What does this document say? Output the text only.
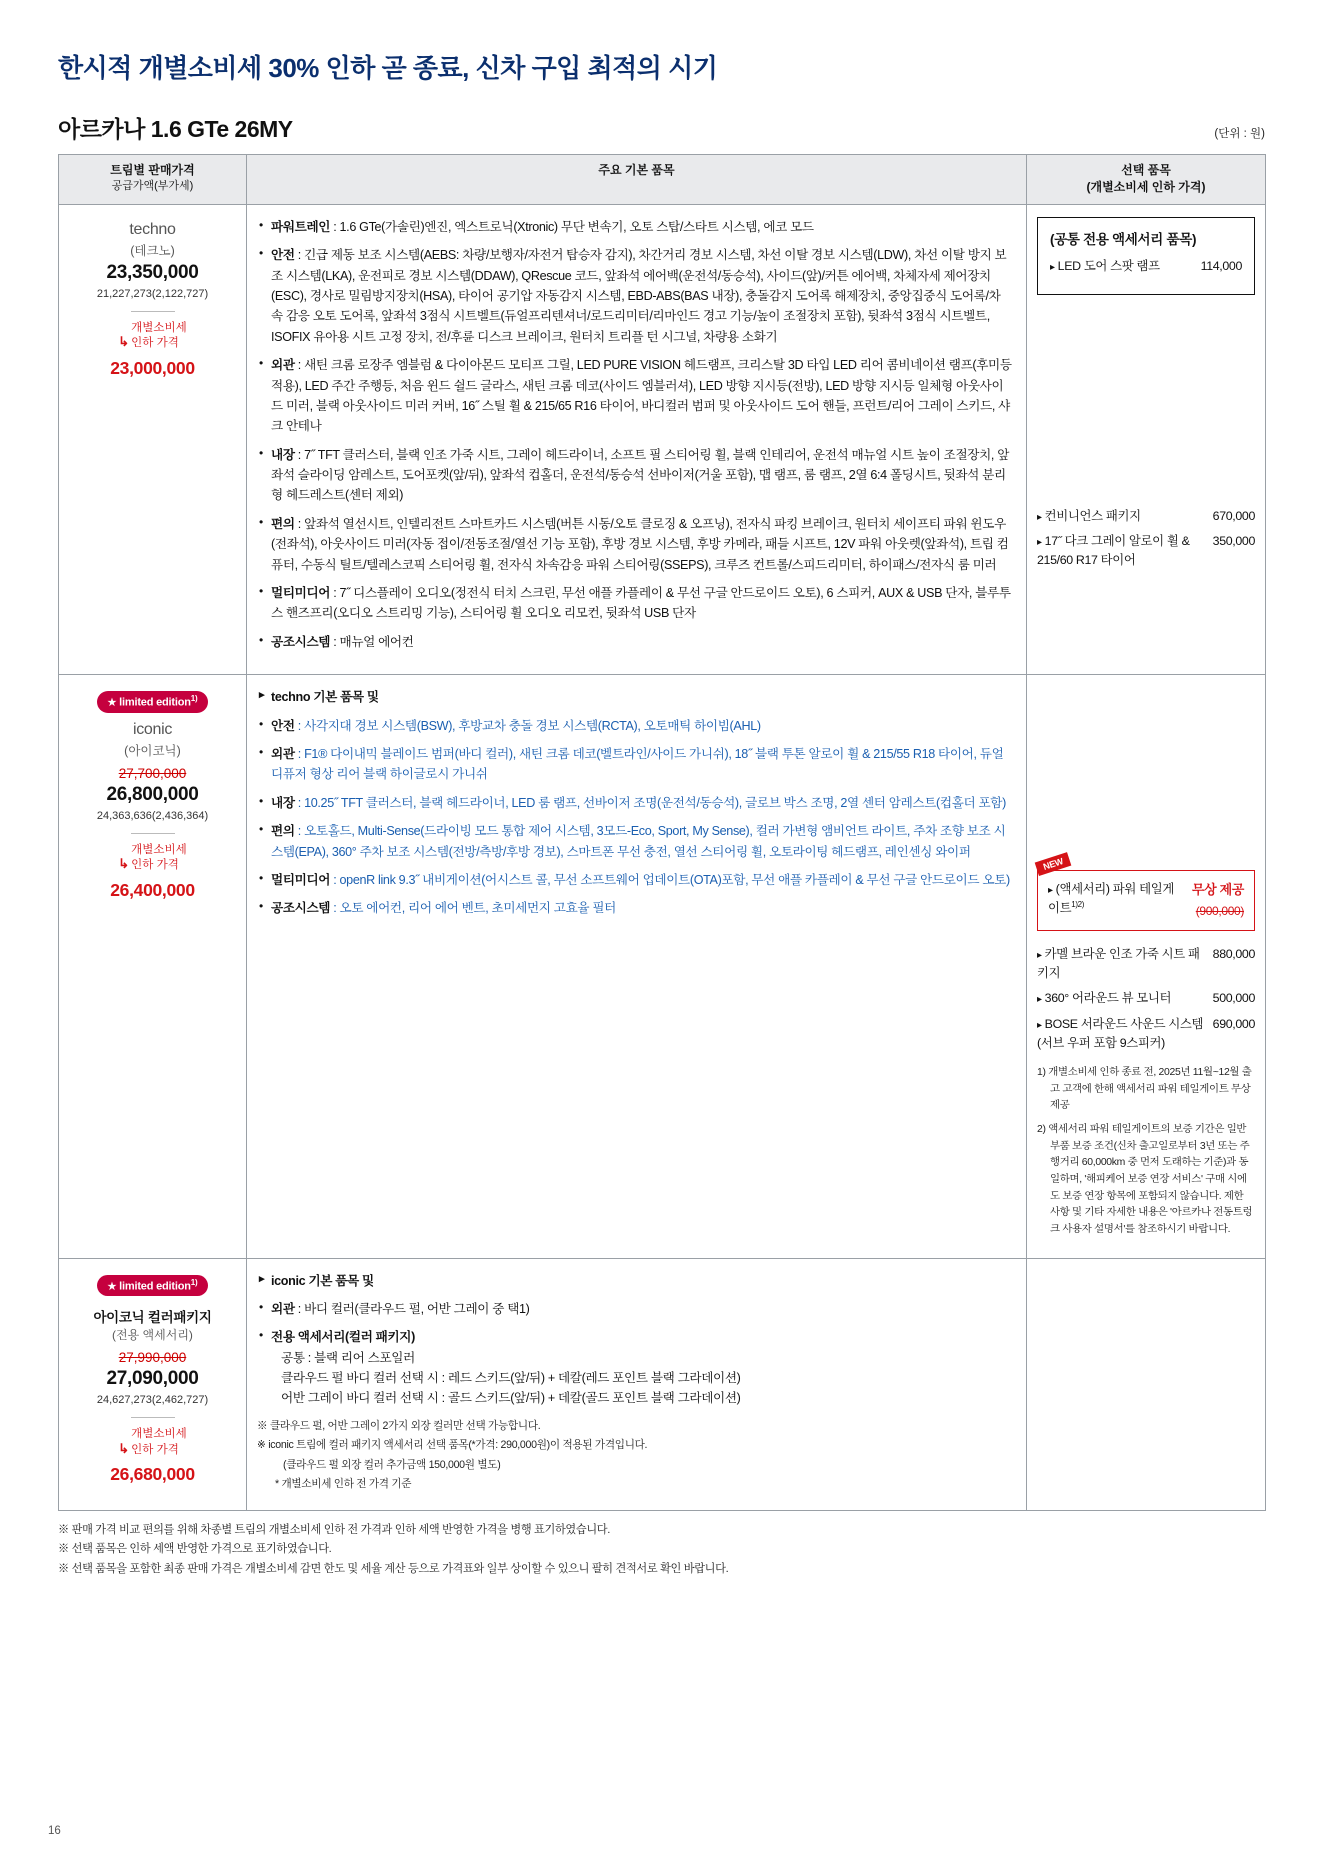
한시적 개별소비세 30% 인하 곧 종료, 신차 구입 최적의 시기
아르카나 1.6 GTe 26MY	(단위 : 원)
트림별 판매가격
공급가액(부가세)
	주요 기본 품목	선택 품목
(개별소비세 인하 가격)

techno
(테크노)
23,350,000
21,227,273(2,122,727)
↳개별소비세
인하 가격
23,000,000

• 파워트레인 : 1.6 GTe(가솔린)엔진, 엑스트로닉(Xtronic) 무단 변속기, 오토 스탑/스타트 시스템, 에코 모드
• 안전 : 긴급 제동 보조 시스템(AEBS: 차량/보행자/자전거 탑승자 감지), 차간거리 경보 시스템, 차선 이탈 경보 시스템(LDW), 차선 이탈 방지 보조 시스템(LKA), 운전피로 경보 시스템(DDAW), QRescue 코드, 앞좌석 에어백(운전석/동승석), 사이드(앞)/커튼 에어백, 차체자세 제어장치(ESC), 경사로 밀림방지장치(HSA), 타이어 공기압 자동감지 시스템, EBD-ABS(BAS 내장), 충돌감지 도어록 해제장치, 중앙집중식 도어록/차속 감응 오토 도어록, 앞좌석 3점식 시트벨트(듀얼프리텐셔너/로드리미터/리마인드 경고 기능/높이 조절장치 포함), 뒷좌석 3점식 시트벨트, ISOFIX 유아용 시트 고정 장치, 전/후륜 디스크 브레이크, 원터치 트리플 턴 시그널, 차량용 소화기
• 외관 : 새틴 크롬 로장주 엠블럼 & 다이아몬드 모티프 그릴, LED PURE VISION 헤드램프, 크리스탈 3D 타입 LED 리어 콤비네이션 램프(후미등 적용), LED 주간 주행등, 처음 윈드 쉴드 글라스, 새틴 크롬 데코(사이드 엠블러셔), LED 방향 지시등(전방), LED 방향 지시등 일체형 아웃사이드 미러, 블랙 아웃사이드 미러 커버, 16˝ 스틸 휠 & 215/65 R16 타이어, 바디컬러 범퍼 및 아웃사이드 도어 핸들, 프런트/리어 그레이 스키드, 샤크 안테나
• 내장 : 7˝ TFT 클러스터, 블랙 인조 가죽 시트, 그레이 헤드라이너, 소프트 필 스티어링 휠, 블랙 인테리어, 운전석 매뉴얼 시트 높이 조절장치, 앞좌석 슬라이딩 암레스트, 도어포켓(앞/뒤), 앞좌석 컵홀더, 운전석/동승석 선바이저(거울 포함), 맵 램프, 룸 램프, 2열 6:4 폴딩시트, 뒷좌석 분리형 헤드레스트(센터 제외)
• 편의 : 앞좌석 열선시트, 인텔리전트 스마트카드 시스템(버튼 시동/오토 클로징 & 오프닝), 전자식 파킹 브레이크, 원터치 세이프티 파워 윈도우(전좌석), 아웃사이드 미러(자동 접이/전동조절/열선 기능 포함), 후방 경보 시스템, 후방 카메라, 패들 시프트, 12V 파워 아웃렛(앞좌석), 트립 컴퓨터, 수동식 틸트/텔레스코픽 스티어링 휠, 전자식 차속감응 파워 스티어링(SSEPS), 크루즈 컨트롤/스피드리미터, 하이패스/전자식 룸 미러
• 멀티미디어 : 7˝ 디스플레이 오디오(정전식 터치 스크린, 무선 애플 카플레이 & 무선 구글 안드로이드 오토), 6 스피커, AUX & USB 단자, 블루투스 핸즈프리(오디오 스트리밍 기능), 스티어링 휠 오디오 리모컨, 뒷좌석 USB 단자
• 공조시스템 : 매뉴얼 에어컨

(공통 전용 액세서리 품목)
▸ LED 도어 스팟 램프	114,000
▸ 컨비니언스 패키지	670,000
▸ 17˝ 다크 그레이 알로이 휠 & 215/60 R17 타이어
350,000

★ limited edition$^{1)}$
iconic
(아이코닉)
27,700,000
26,800,000
24,363,636(2,436,364)
↳개별소비세
인하 가격
26,400,000

▸ techno 기본 품목 및
• 안전 : 사각지대 경보 시스템(BSW), 후방교차 충돌 경보 시스템(RCTA), 오토매틱 하이빔(AHL)
• 외관 : F1® 다이내믹 블레이드 범퍼(바디 컬러), 새틴 크롬 데코(벨트라인/사이드 가니쉬), 18˝ 블랙 투톤 알로이 휠 & 215/55 R18 타이어, 듀얼 디퓨저 형상 리어 블랙 하이글로시 가니쉬
• 내장 : 10.25˝ TFT 클러스터, 블랙 헤드라이너, LED 룸 램프, 선바이저 조명(운전석/동승석), 글로브 박스 조명, 2열 센터 암레스트(컵홀더 포함)
• 편의 : 오토홀드, Multi-Sense(드라이빙 모드 통합 제어 시스템, 3모드-Eco, Sport, My Sense), 컬러 가변형 앰비언트 라이트, 주차 조향 보조 시스템(EPA), 360° 주차 보조 시스템(전방/측방/후방 경보), 스마트폰 무선 충전, 열선 스티어링 휠, 오토라이팅 헤드램프, 레인센싱 와이퍼
• 멀티미디어 : openR link 9.3˝ 내비게이션(어시스트 콜, 무선 소프트웨어 업데이트(OTA)포함, 무선 애플 카플레이 & 무선 구글 안드로이드 오토)
• 공조시스템 : 오토 에어컨, 리어 에어 벤트, 초미세먼지 고효율 필터

NEW
▸ (액세서리) 파워 테일게이트$^{1)2)}$
무상 제공
(900,000)
▸ 카멜 브라운 인조 가죽 시트 패키지
880,000
▸ 360° 어라운드 뷰 모니터	500,000
▸ BOSE 서라운드 사운드 시스템 (서브 우퍼 포함 9스피커)
690,000

1) 개별소비세 인하 종료 전, 2025년 11월~12월 출고 고객에 한해 액세서리 파워 테일게이트 무상 제공

2) 액세서리 파워 테일게이트의 보증 기간은 일반 부품 보증 조건(신차 출고일로부터 3년 또는 주행거리 60,000km 중 먼저 도래하는 기준)과 동일하며, '해피케어 보증 연장 서비스' 구매 시에도 보증 연장 항목에 포함되지 않습니다. 제한 사항 및 기타 자세한 내용은 '아르카나 전동트렁크 사용자 설명서'를 참조하시기 바랍니다.

★ limited edition$^{1)}$
아이코닉 컬러패키지
(전용 액세서리)
27,990,000
27,090,000
24,627,273(2,462,727)
↳개별소비세
인하 가격
26,680,000

▸ iconic 기본 품목 및
• 외관 : 바디 컬러(클라우드 펄, 어반 그레이 중 택1)
• 전용 액세서리(컬러 패키지)
공통 : 블랙 리어 스포일러
클라우드 펄 바디 컬러 선택 시 : 레드 스키드(앞/뒤) + 데칼(레드 포인트 블랙 그라데이션)
어반 그레이 바디 컬러 선택 시 : 골드 스키드(앞/뒤) + 데칼(골드 포인트 블랙 그라데이션)

※ 클라우드 펄, 어반 그레이 2가지 외장 컬러만 선택 가능합니다.

※ iconic 트림에 컬러 패키지 액세서리 선택 품목(*가격: 290,000원)이 적용된 가격입니다.

(클라우드 펄 외장 컬러 추가금액 150,000원 별도)

* 개별소비세 인하 전 가격 기준

※ 판매 가격 비교 편의를 위해 차종별 트림의 개별소비세 인하 전 가격과 인하 세액 반영한 가격을 병행 표기하였습니다.

※ 선택 품목은 인하 세액 반영한 가격으로 표기하였습니다.

※ 선택 품목을 포함한 최종 판매 가격은 개별소비세 감면 한도 및 세율 계산 등으로 가격표와 일부 상이할 수 있으니 팔히 견적서로 확인 바랍니다.

16
